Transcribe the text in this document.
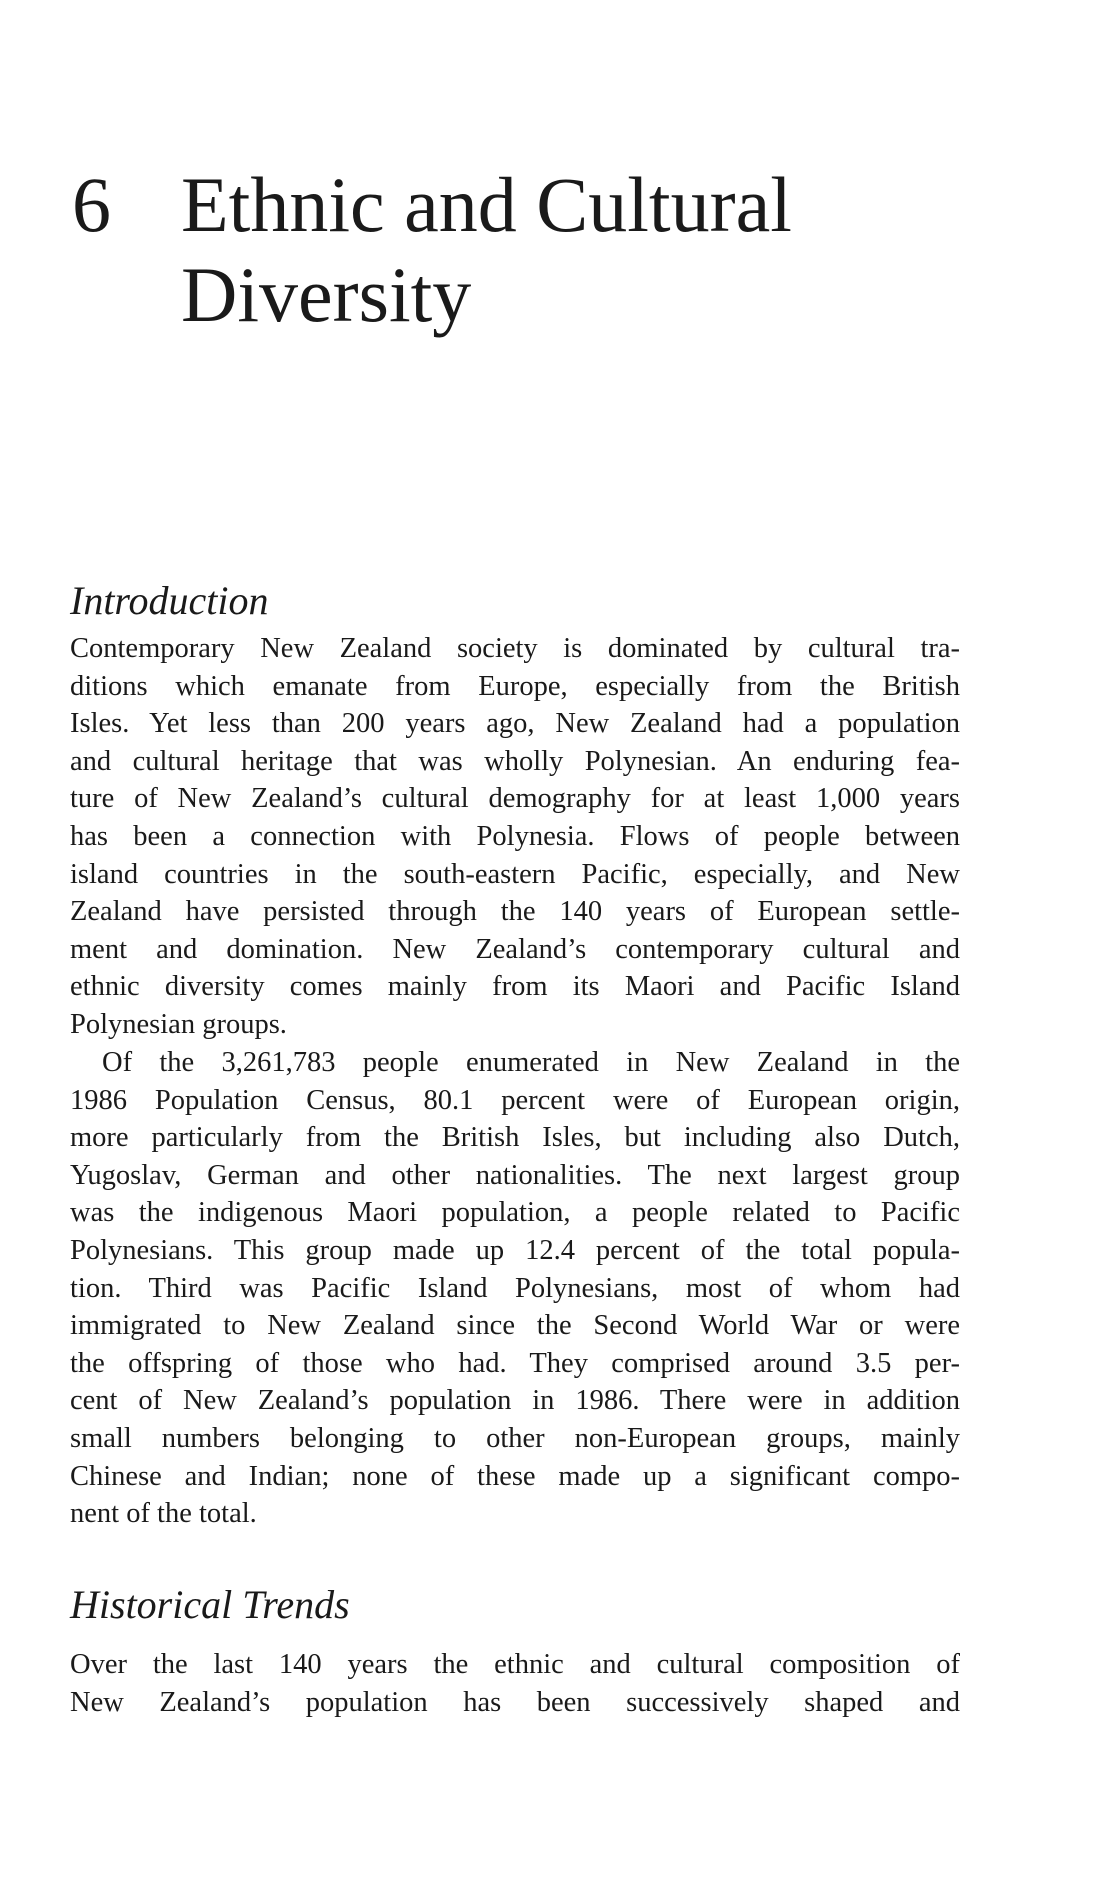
6 Ethnic and Cultural
Diversity
Introduction
Contemporary New Zealand society is dominated by cultural tra-
ditions which emanate from Europe, especially from the British
Isles. Yet less than 200 years ago, New Zealand had a population
and cultural heritage that was wholly Polynesian. An enduring fea-
ture of New Zealand’s cultural demography for at least 1,000 years
has been a connection with Polynesia. Flows of people between
island countries in the south-eastern Pacific, especially, and New
Zealand have persisted through the 140 years of European settle-
ment and domination. New Zealand’s contemporary cultural and
ethnic diversity comes mainly from its Maori and Pacific Island
Polynesian groups.
Of the 3,261,783 people enumerated in New Zealand in the
1986 Population Census, 80.1 percent were of European origin,
more particularly from the British Isles, but including also Dutch,
Yugoslav, German and other nationalities. The next largest group
was the indigenous Maori population, a people related to Pacific
Polynesians. This group made up 12.4 percent of the total popula-
tion. Third was Pacific Island Polynesians, most of whom had
immigrated to New Zealand since the Second World War or were
the offspring of those who had. They comprised around 3.5 per-
cent of New Zealand’s population in 1986. There were in addition
small numbers belonging to other non-European groups, mainly
Chinese and Indian; none of these made up a significant compo-
nent of the total.
Historical Trends
Over the last 140 years the ethnic and cultural composition of
New Zealand’s population has been successively shaped and
